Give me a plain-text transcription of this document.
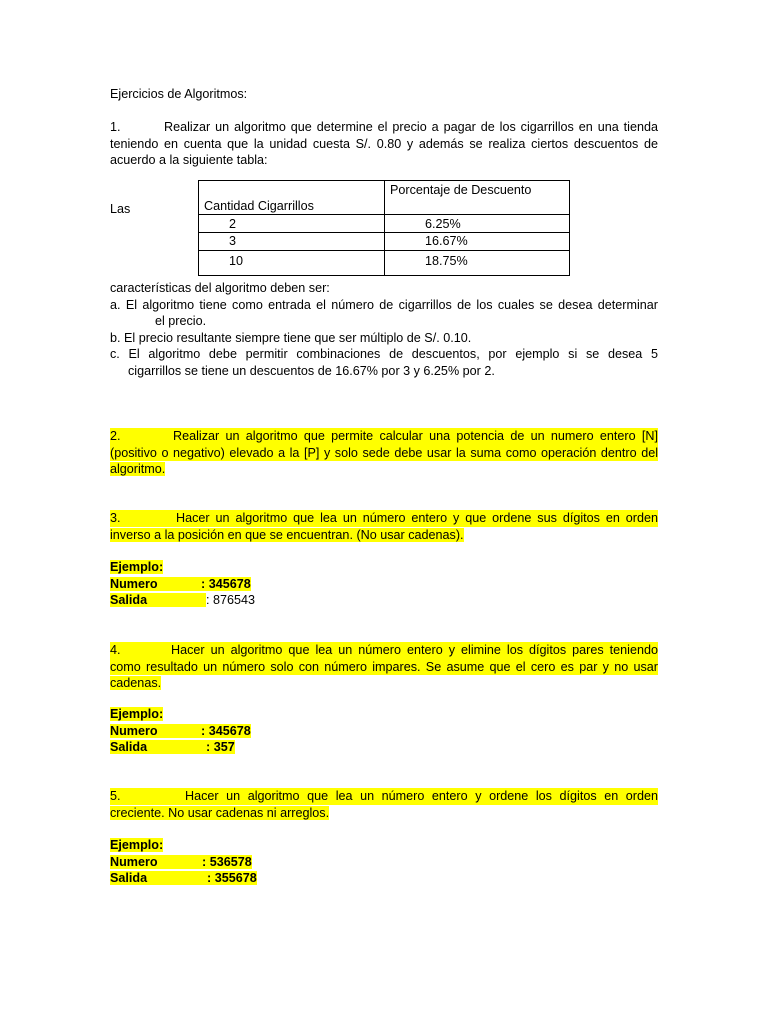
Ejercicios de Algoritmos:
1.	Realizar un algoritmo que determine el precio a pagar de los cigarrillos en una tienda
teniendo en cuenta que la unidad cuesta S/. 0.80 y además se realiza ciertos descuentos de
acuerdo a la siguiente tabla:
Las	Cantidad Cigarrillos	Porcentaje de Descuento

2	6.25%

3	16.67%

10	18.75%
características del algoritmo deben ser:
a. El algoritmo tiene como entrada el número de cigarrillos de los cuales se desea determinar
el precio.
b. El precio resultante siempre tiene que ser múltiplo de S/. 0.10.
c. El algoritmo debe permitir combinaciones de descuentos, por ejemplo si se desea 5
cigarrillos se tiene un descuentos de 16.67% por 3 y 6.25% por 2.
2.	Realizar un algoritmo que permite calcular una potencia de un numero entero [N]
(positivo o negativo) elevado a la [P] y solo sede debe usar la suma como operación dentro del
algoritmo.
3.	Hacer un algoritmo que lea un número entero y que ordene sus dígitos en orden
inverso a la posición en que se encuentran. (No usar cadenas).
Ejemplo:
Numero	: 345678
Salida	: 876543
4.	Hacer un algoritmo que lea un número entero y elimine los dígitos pares teniendo
como resultado un número solo con número impares. Se asume que el cero es par y no usar
cadenas.
Ejemplo:
Numero	: 345678
Salida	: 357
5.	Hacer un algoritmo que lea un número entero y ordene los dígitos en orden
creciente. No usar cadenas ni arreglos.
Ejemplo:
Numero	: 536578
Salida	: 355678
